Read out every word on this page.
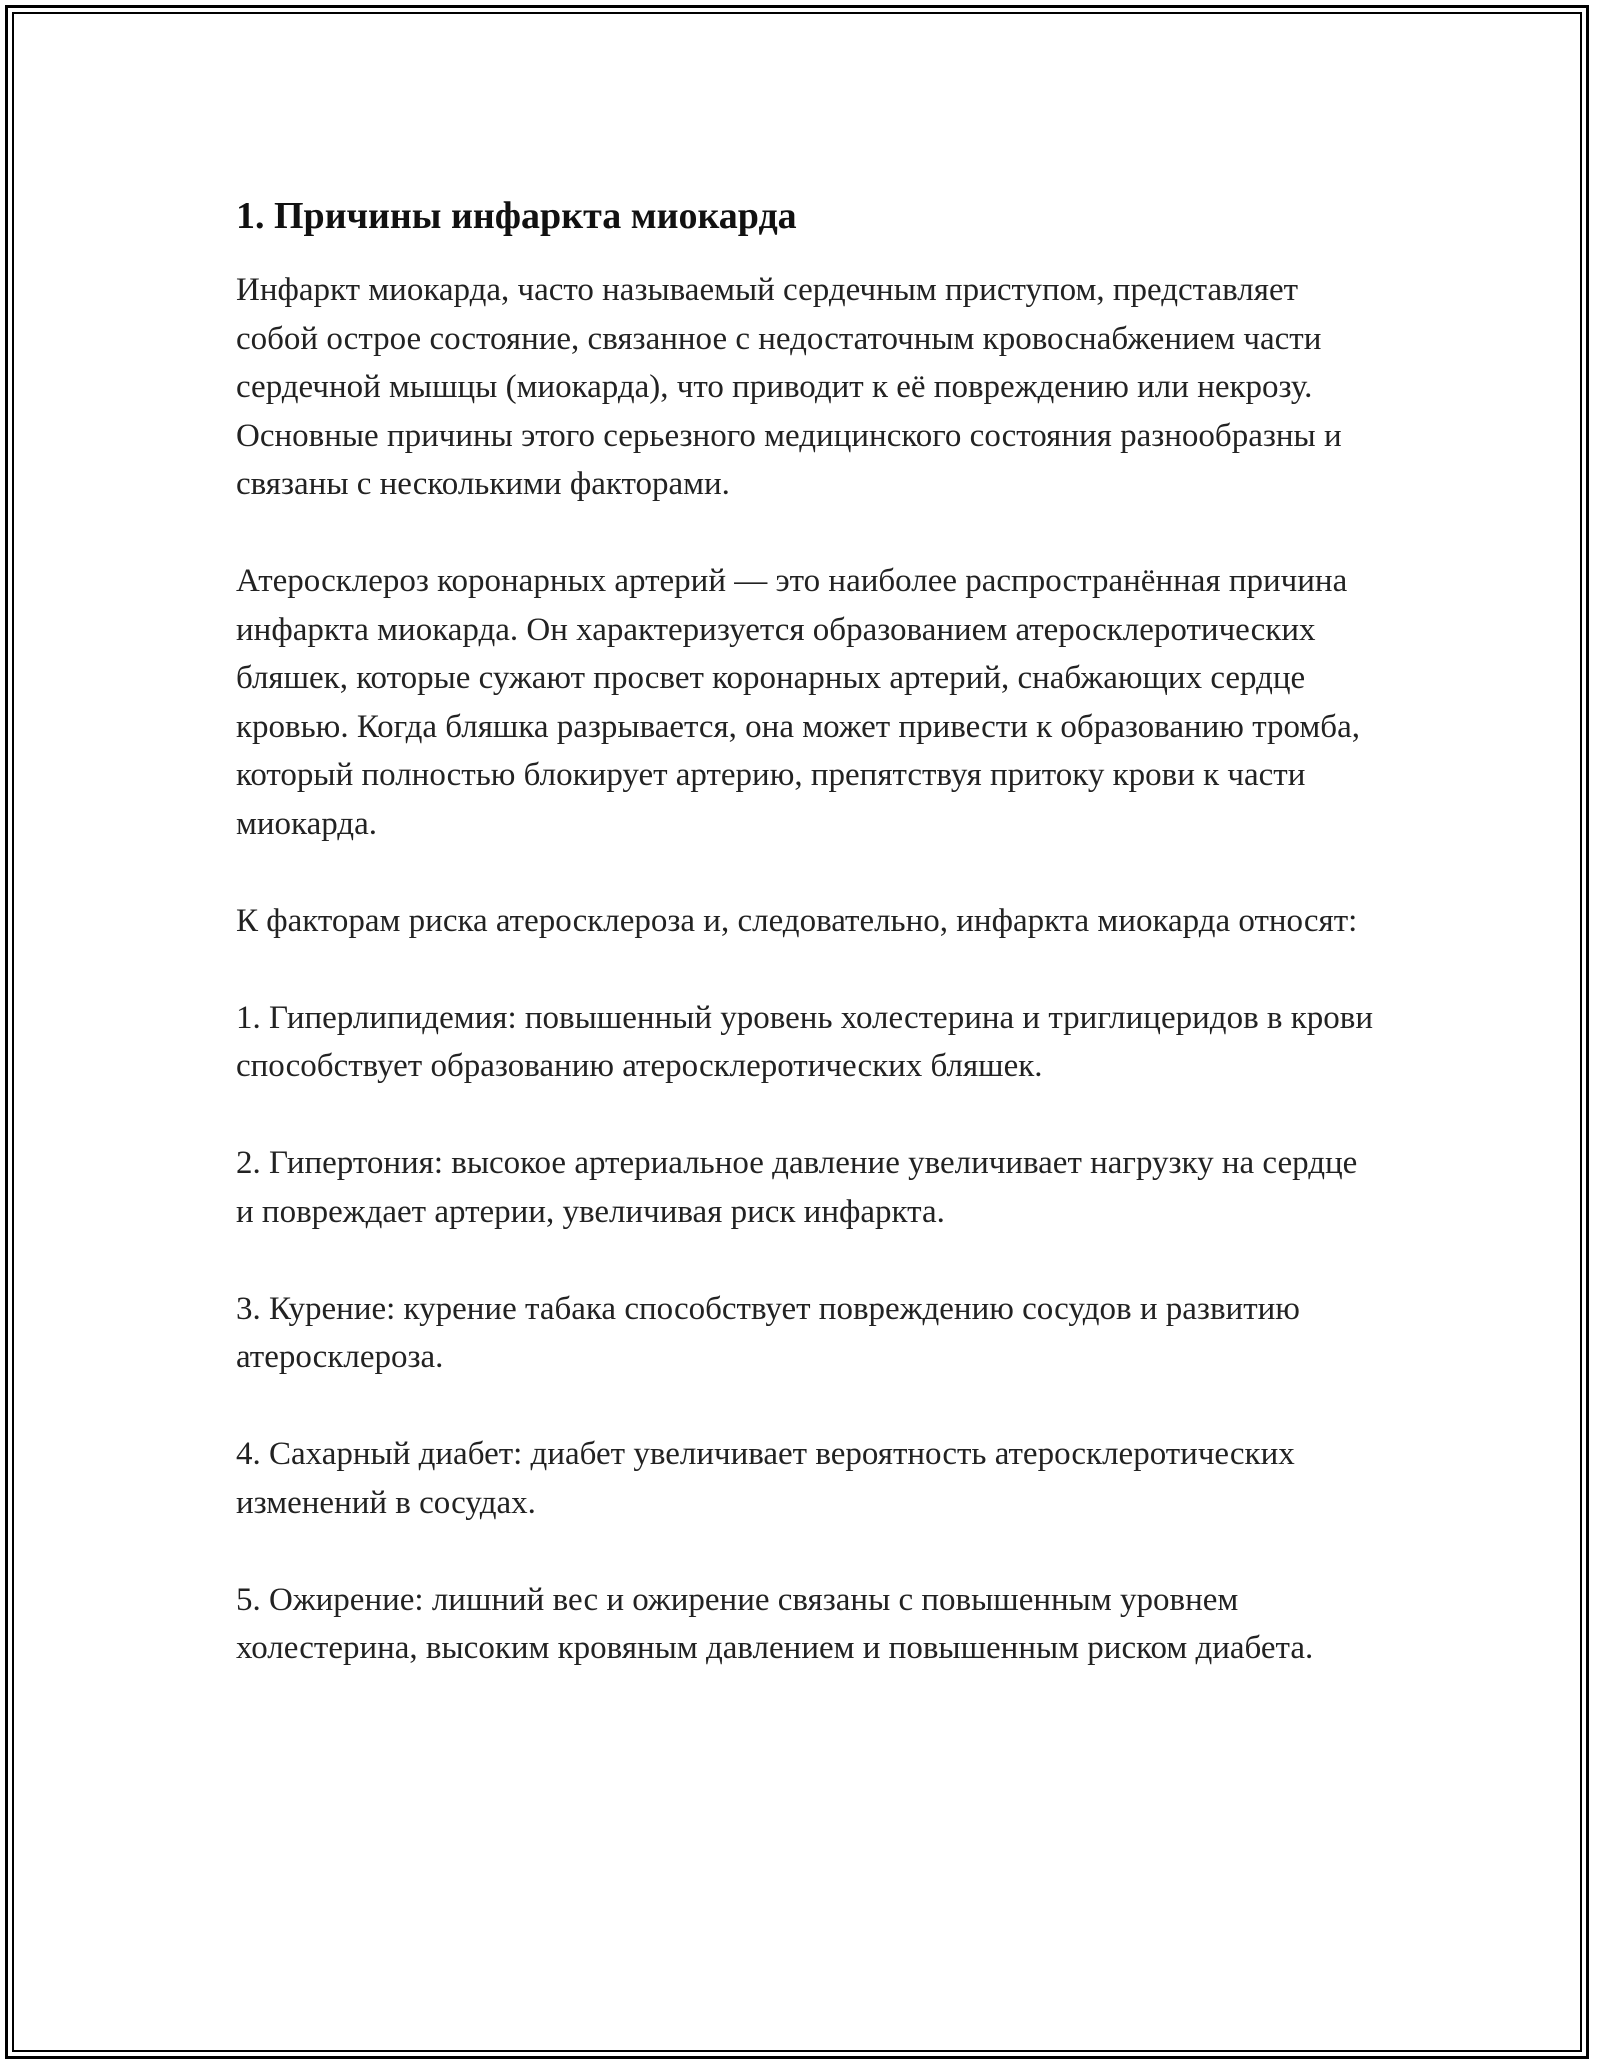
1. Причины инфаркта миокарда

Инфаркт миокарда, часто называемый сердечным приступом, представляет собой острое состояние, связанное с недостаточным кровоснабжением части сердечной мышцы (миокарда), что приводит к её повреждению или некрозу. Основные причины этого серьезного медицинского состояния разнообразны и связаны с несколькими факторами.

Атеросклероз коронарных артерий — это наиболее распространённая причина инфаркта миокарда. Он характеризуется образованием атеросклеротических бляшек, которые сужают просвет коронарных артерий, снабжающих сердце кровью. Когда бляшка разрывается, она может привести к образованию тромба, который полностью блокирует артерию, препятствуя притоку крови к части миокарда.

К факторам риска атеросклероза и, следовательно, инфаркта миокарда относят:

1. Гиперлипидемия: повышенный уровень холестерина и триглицеридов в крови способствует образованию атеросклеротических бляшек.

2. Гипертония: высокое артериальное давление увеличивает нагрузку на сердце и повреждает артерии, увеличивая риск инфаркта.

3. Курение: курение табака способствует повреждению сосудов и развитию атеросклероза.

4. Сахарный диабет: диабет увеличивает вероятность атеросклеротических изменений в сосудах.

5. Ожирение: лишний вес и ожирение связаны с повышенным уровнем холестерина, высоким кровяным давлением и повышенным риском диабета.
